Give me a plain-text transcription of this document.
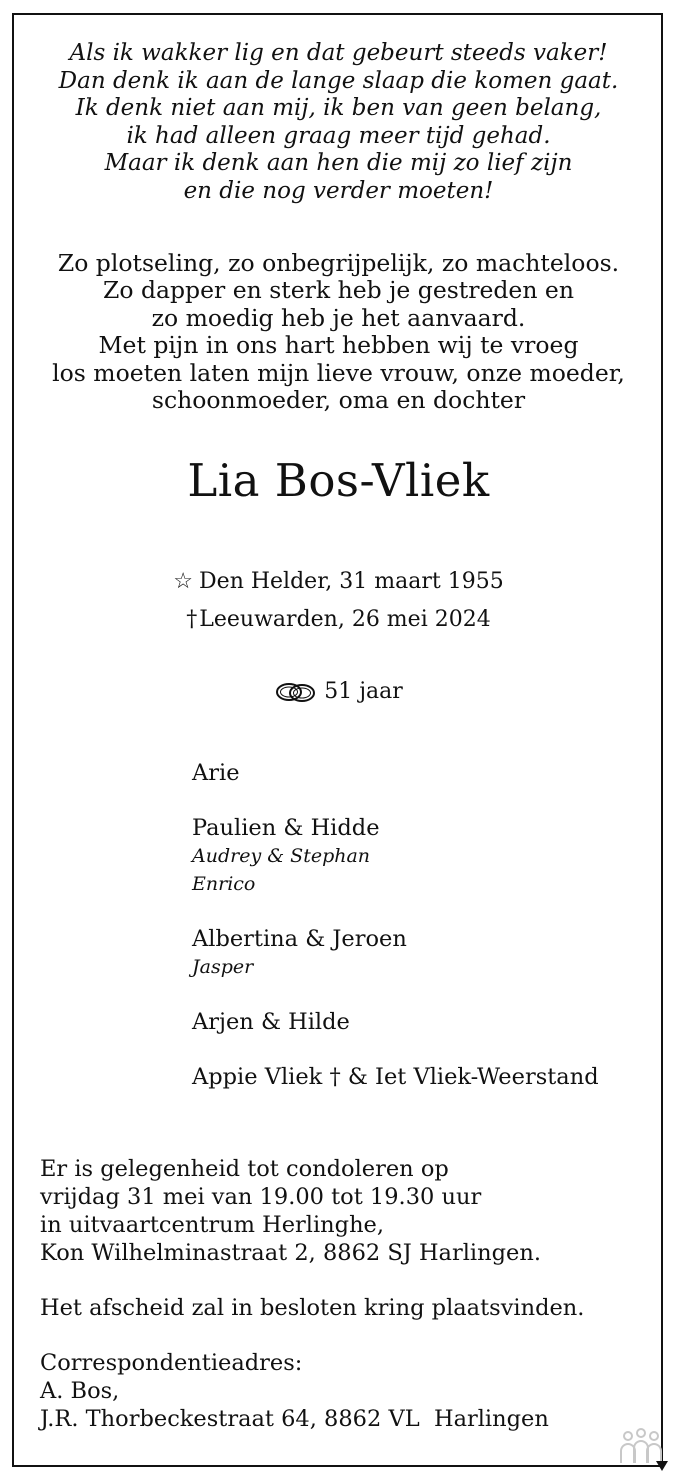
Als ik wakker lig en dat gebeurt steeds vaker!
Dan denk ik aan de lange slaap die komen gaat.
Ik denk niet aan mij, ik ben van geen belang,
ik had alleen graag meer tijd gehad.
Maar ik denk aan hen die mij zo lief zijn
en die nog verder moeten!
Zo plotseling, zo onbegrijpelijk, zo machteloos.
Zo dapper en sterk heb je gestreden en
zo moedig heb je het aanvaard.
Met pijn in ons hart hebben wij te vroeg
los moeten laten mijn lieve vrouw, onze moeder,
schoonmoeder, oma en dochter
Lia Bos-Vliek
☆ Den Helder, 31 maart 1955
†Leeuwarden, 26 mei 2024
51 jaar
Arie
Paulien & Hidde
Audrey & Stephan
Enrico
Albertina & Jeroen
Jasper
Arjen & Hilde
Appie Vliek † & Iet Vliek-Weerstand
Er is gelegenheid tot condoleren op
vrijdag 31 mei van 19.00 tot 19.30 uur
in uitvaartcentrum Herlinghe,
Kon Wilhelminastraat 2, 8862 SJ Harlingen.
Het afscheid zal in besloten kring plaatsvinden.
Correspondentieadres:
A. Bos,
J.R. Thorbeckestraat 64, 8862 VL  Harlingen
